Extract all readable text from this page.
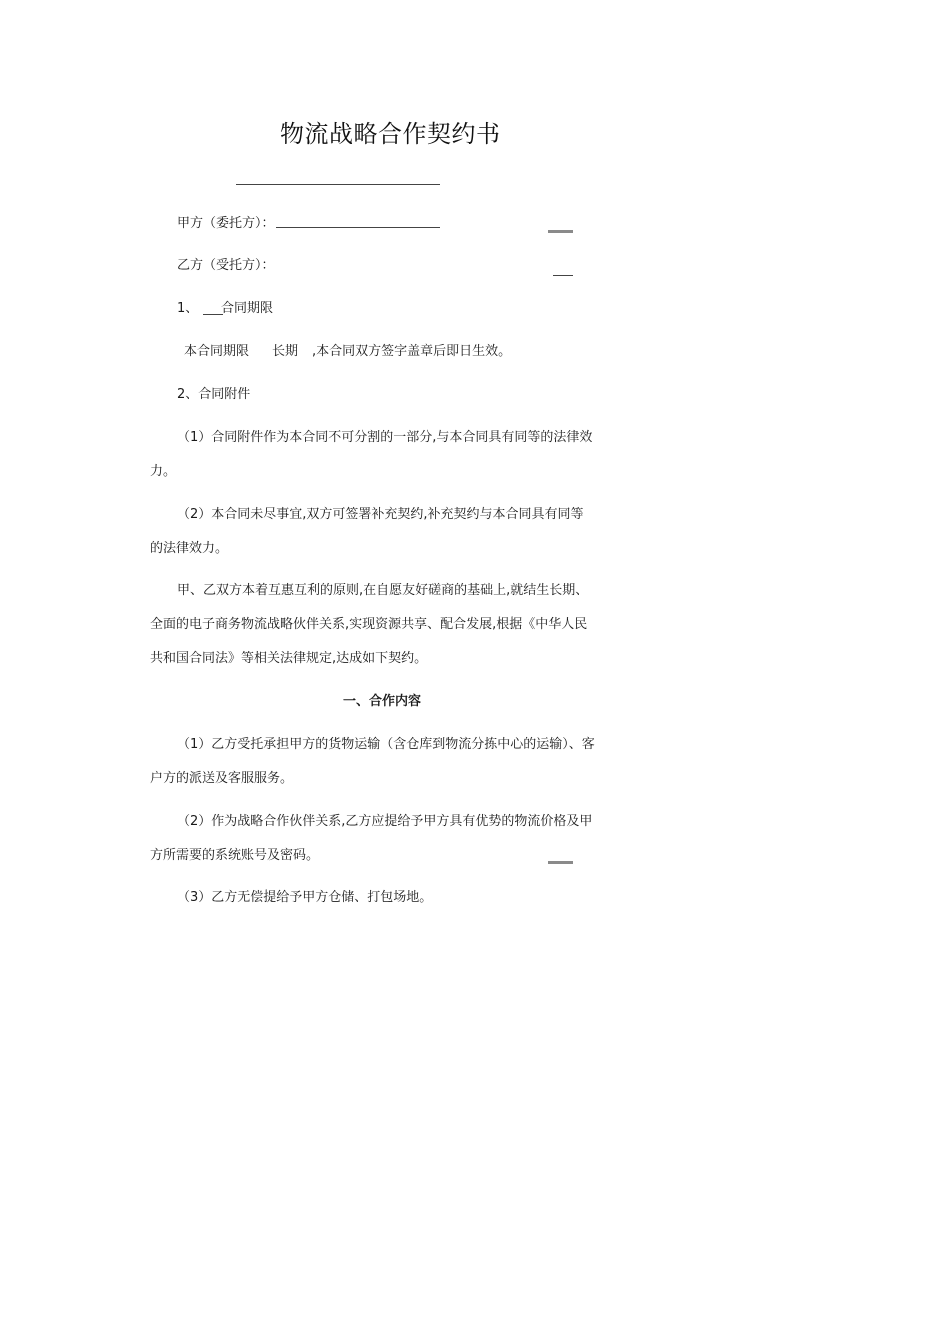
物流战略合作契约书
甲方（委托方）：
乙方（受托方）：
1、 合同期限
本合同期限 长期 ,本合同双方签字盖章后即日生效。
2、合同附件
（1）合同附件作为本合同不可分割的一部分,与本合同具有同等的法律效
力。
（2）本合同未尽事宜,双方可签署补充契约,补充契约与本合同具有同等
的法律效力。
甲、乙双方本着互惠互利的原则,在自愿友好磋商的基础上,就结生长期、
全面的电子商务物流战略伙伴关系,实现资源共享、配合发展,根据《中华人民
共和国合同法》等相关法律规定,达成如下契约。
一、合作内容
（1）乙方受托承担甲方的货物运输（含仓库到物流分拣中心的运输）、客
户方的派送及客服服务。
（2）作为战略合作伙伴关系,乙方应提给予甲方具有优势的物流价格及甲
方所需要的系统账号及密码。
（3）乙方无偿提给予甲方仓储、打包场地。
